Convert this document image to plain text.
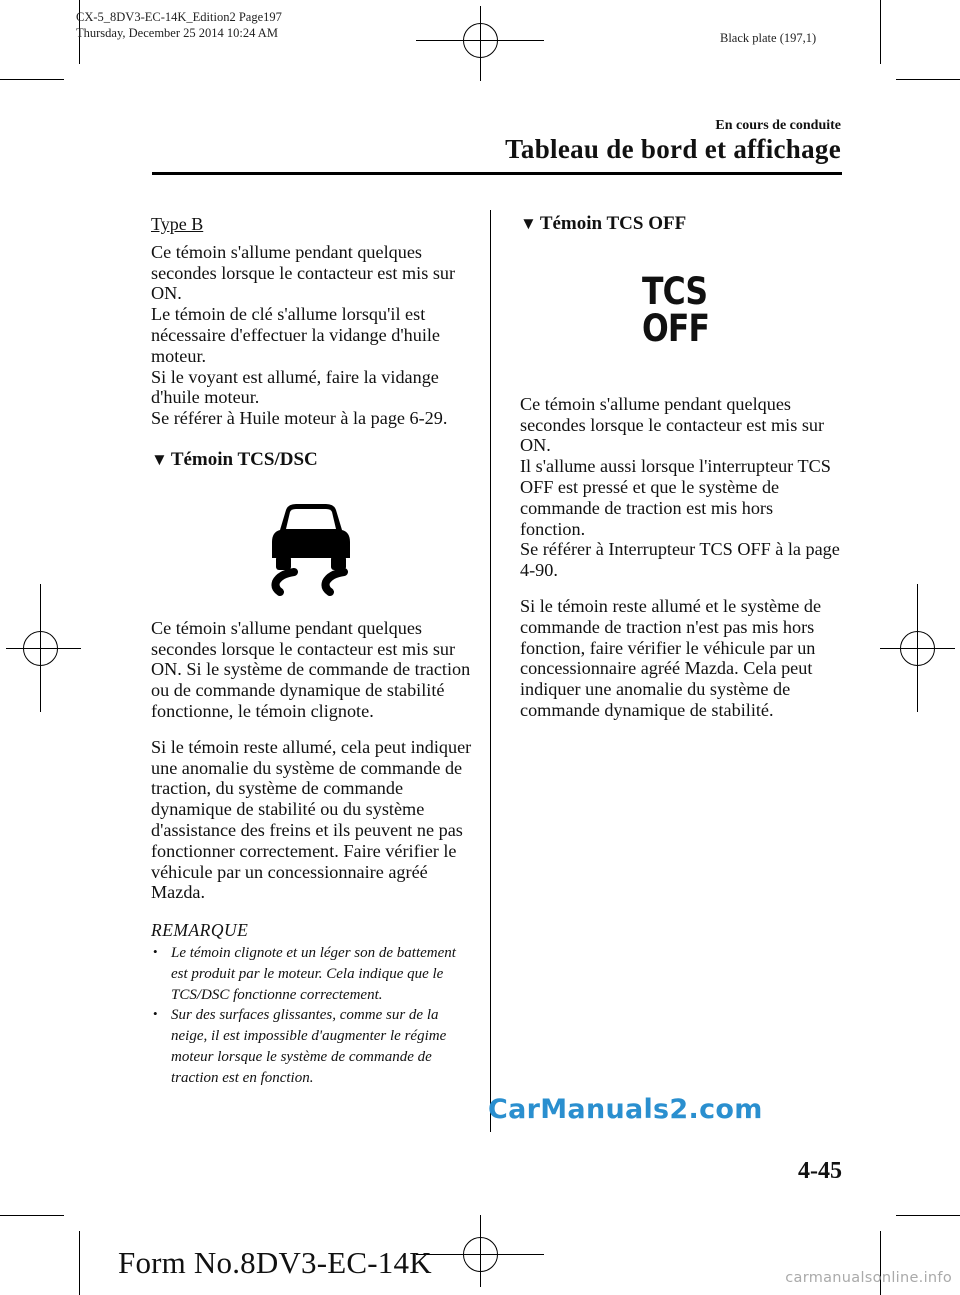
CX-5_8DV3-EC-14K_Edition2 Page197
Thursday, December 25 2014 10:24 AM	Black plate (197,1)
En cours de conduite
Tableau de bord et affichage

Type B

Ce témoin s'allume pendant quelques secondes lorsque le contacteur est mis sur ON.

Le témoin de clé s'allume lorsqu'il est nécessaire d'effectuer la vidange d'huile moteur.

Si le voyant est allumé, faire la vidange d'huile moteur.

Se référer à Huile moteur à la page 6-29.

▼ Témoin TCS/DSC

Ce témoin s'allume pendant quelques secondes lorsque le contacteur est mis sur ON. Si le système de commande de traction ou de commande dynamique de stabilité fonctionne, le témoin clignote.

Si le témoin reste allumé, cela peut indiquer une anomalie du système de commande de traction, du système de commande dynamique de stabilité ou du système d'assistance des freins et ils peuvent ne pas fonctionner correctement. Faire vérifier le véhicule par un concessionnaire agréé Mazda.

REMARQUE

• Le témoin clignote et un léger son de battement est produit par le moteur. Cela indique que le TCS/DSC fonctionne correctement.
• Sur des surfaces glissantes, comme sur de la neige, il est impossible d'augmenter le régime moteur lorsque le système de commande de traction est en fonction.

▼ Témoin TCS OFF

TCS
OFF

Ce témoin s'allume pendant quelques secondes lorsque le contacteur est mis sur ON.

Il s'allume aussi lorsque l'interrupteur TCS OFF est pressé et que le système de commande de traction est mis hors fonction.

Se référer à Interrupteur TCS OFF à la page 4-90.

Si le témoin reste allumé et le système de commande de traction n'est pas mis hors fonction, faire vérifier le véhicule par un concessionnaire agréé Mazda. Cela peut indiquer une anomalie du système de commande dynamique de stabilité.

CarManuals2.com
4-45
Form No.8DV3-EC-14K	carmanualsonline.info
